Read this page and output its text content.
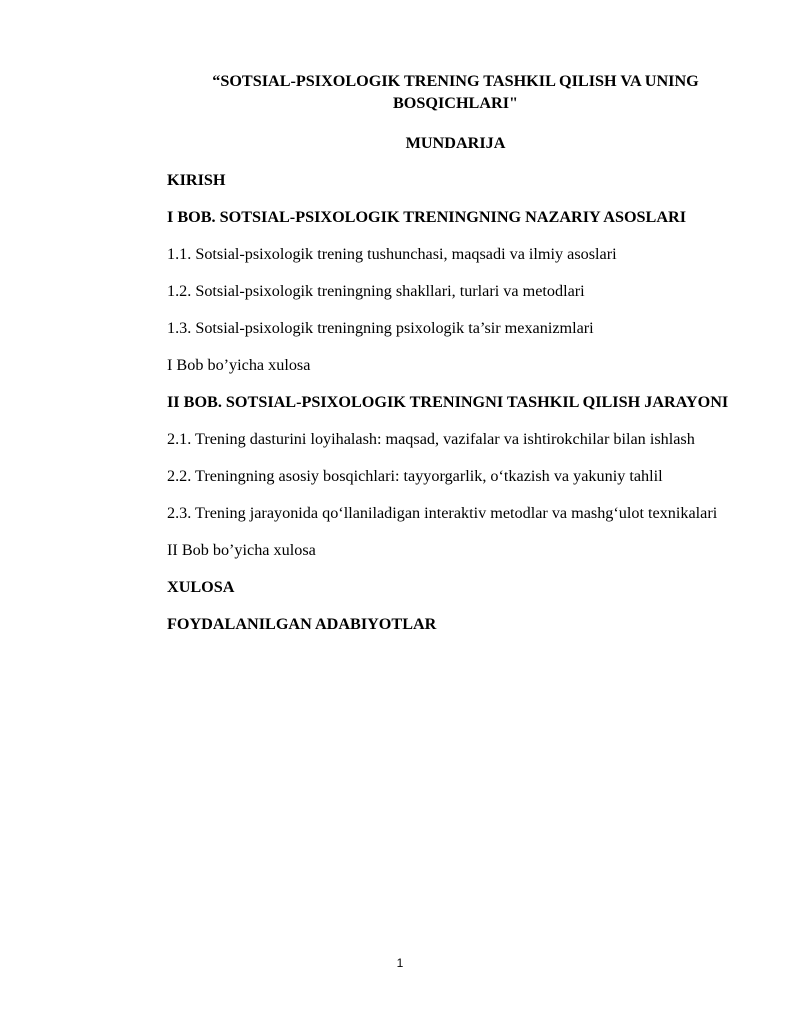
“SOTSIAL-PSIXOLOGIK TRENING TASHKIL QILISH VA UNING BOSQICHLARI"
MUNDARIJA
KIRISH
I BOB. SOTSIAL-PSIXOLOGIK TRENINGNING NAZARIY ASOSLARI
1.1. Sotsial-psixologik trening tushunchasi, maqsadi va ilmiy asoslari
1.2. Sotsial-psixologik treningning shakllari, turlari va metodlari
1.3. Sotsial-psixologik treningning psixologik ta’sir mexanizmlari
I Bob bo’yicha xulosa
II BOB. SOTSIAL-PSIXOLOGIK TRENINGNI TASHKIL QILISH JARAYONI
2.1. Trening dasturini loyihalash: maqsad, vazifalar va ishtirokchilar bilan ishlash
2.2. Treningning asosiy bosqichlari: tayyorgarlik, o‘tkazish va yakuniy tahlil
2.3. Trening jarayonida qo‘llaniladigan interaktiv metodlar va mashg‘ulot texnikalari
II Bob bo’yicha xulosa
XULOSA
FOYDALANILGAN ADABIYOTLAR
1
